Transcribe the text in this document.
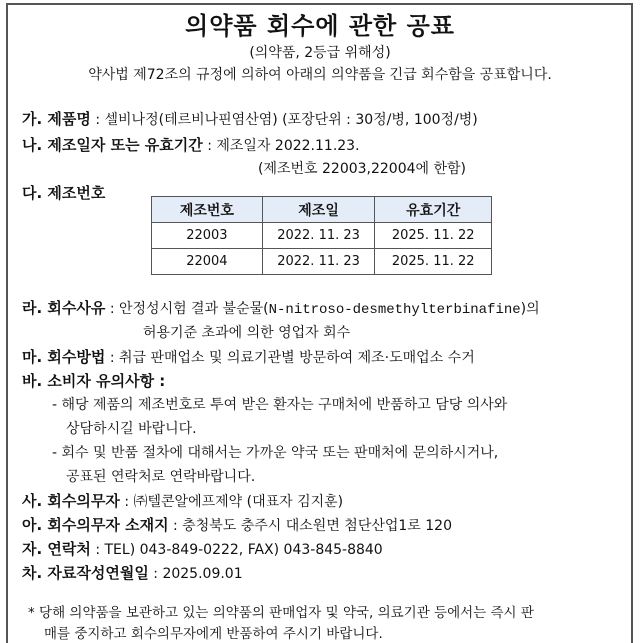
의약품 회수에 관한 공표
(의약품, 2등급 위해성)
약사법 제72조의 규정에 의하여 아래의 의약품을 긴급 회수함을 공표합니다.
가. 제품명 : 셀비나정(테르비나핀염산염) (포장단위 : 30정/병, 100정/병)
나. 제조일자 또는 유효기간 : 제조일자 2022.11.23.
(제조번호 22003,22004에 한함)
다. 제조번호
제조번호	제조일	유효기간
22003	2022. 11. 23	2025. 11. 22
22004	2022. 11. 23	2025. 11. 22
라. 회수사유 : 안정성시험 결과 불순물(N-nitroso-desmethylterbinafine)의
허용기준 초과에 의한 영업자 회수
마. 회수방법 : 취급 판매업소 및 의료기관별 방문하여 제조·도매업소 수거
바. 소비자 유의사항 :
- 해당 제품의 제조번호로 투여 받은 환자는 구매처에 반품하고 담당 의사와
상담하시길 바랍니다.
- 회수 및 반품 절차에 대해서는 가까운 약국 또는 판매처에 문의하시거나,
공표된 연락처로 연락바랍니다.
사. 회수의무자 : ㈜텔콘알에프제약 (대표자 김지훈)
아. 회수의무자 소재지 : 충청북도 충주시 대소원면 첨단산업1로 120
자. 연락처 : TEL) 043-849-0222, FAX) 043-845-8840
차. 자료작성연월일 : 2025.09.01
* 당해 의약품을 보관하고 있는 의약품의 판매업자 및 약국, 의료기관 등에서는 즉시 판
매를 중지하고 회수의무자에게 반품하여 주시기 바랍니다.
